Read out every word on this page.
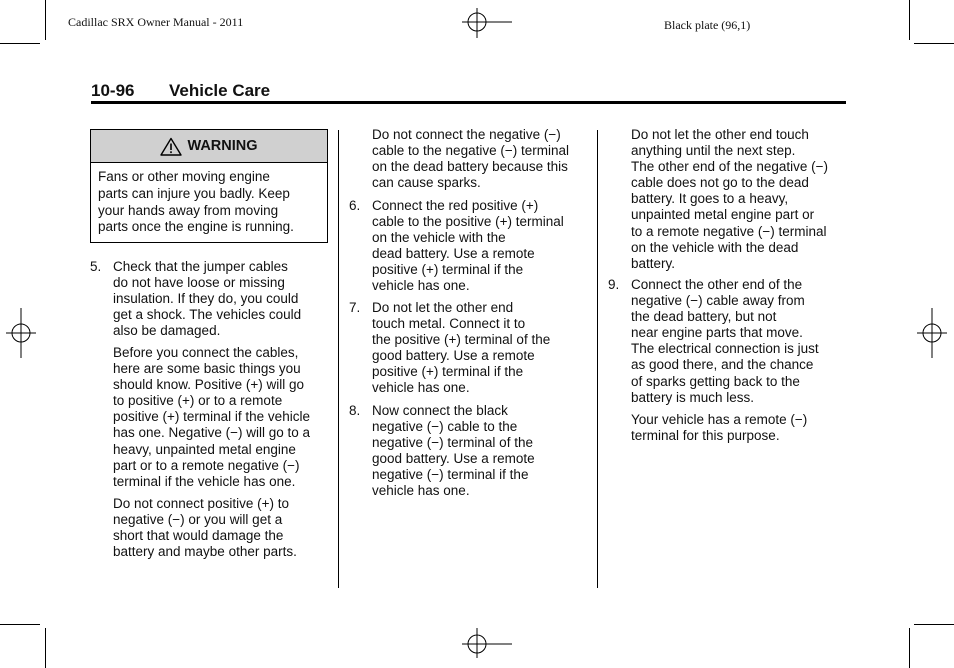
Cadillac SRX Owner Manual - 2011	Black plate (96,1)
10-96 Vehicle Care
WARNING
Fans or other moving engine
parts can injure you badly. Keep
your hands away from moving
parts once the engine is running.
5. Check that the jumper cables
do not have loose or missing
insulation. If they do, you could
get a shock. The vehicles could
also be damaged.
Before you connect the cables,
here are some basic things you
should know. Positive (+) will go
to positive (+) or to a remote
positive (+) terminal if the vehicle
has one. Negative (−) will go to a
heavy, unpainted metal engine
part or to a remote negative (−)
terminal if the vehicle has one.
Do not connect positive (+) to
negative (−) or you will get a
short that would damage the
battery and maybe other parts.
Do not connect the negative (−)
cable to the negative (−) terminal
on the dead battery because this
can cause sparks.
6. Connect the red positive (+)
cable to the positive (+) terminal
on the vehicle with the
dead battery. Use a remote
positive (+) terminal if the
vehicle has one.
7. Do not let the other end
touch metal. Connect it to
the positive (+) terminal of the
good battery. Use a remote
positive (+) terminal if the
vehicle has one.
8. Now connect the black
negative (−) cable to the
negative (−) terminal of the
good battery. Use a remote
negative (−) terminal if the
vehicle has one.
Do not let the other end touch
anything until the next step.
The other end of the negative (−)
cable does not go to the dead
battery. It goes to a heavy,
unpainted metal engine part or
to a remote negative (−) terminal
on the vehicle with the dead
battery.
9. Connect the other end of the
negative (−) cable away from
the dead battery, but not
near engine parts that move.
The electrical connection is just
as good there, and the chance
of sparks getting back to the
battery is much less.
Your vehicle has a remote (−)
terminal for this purpose.
